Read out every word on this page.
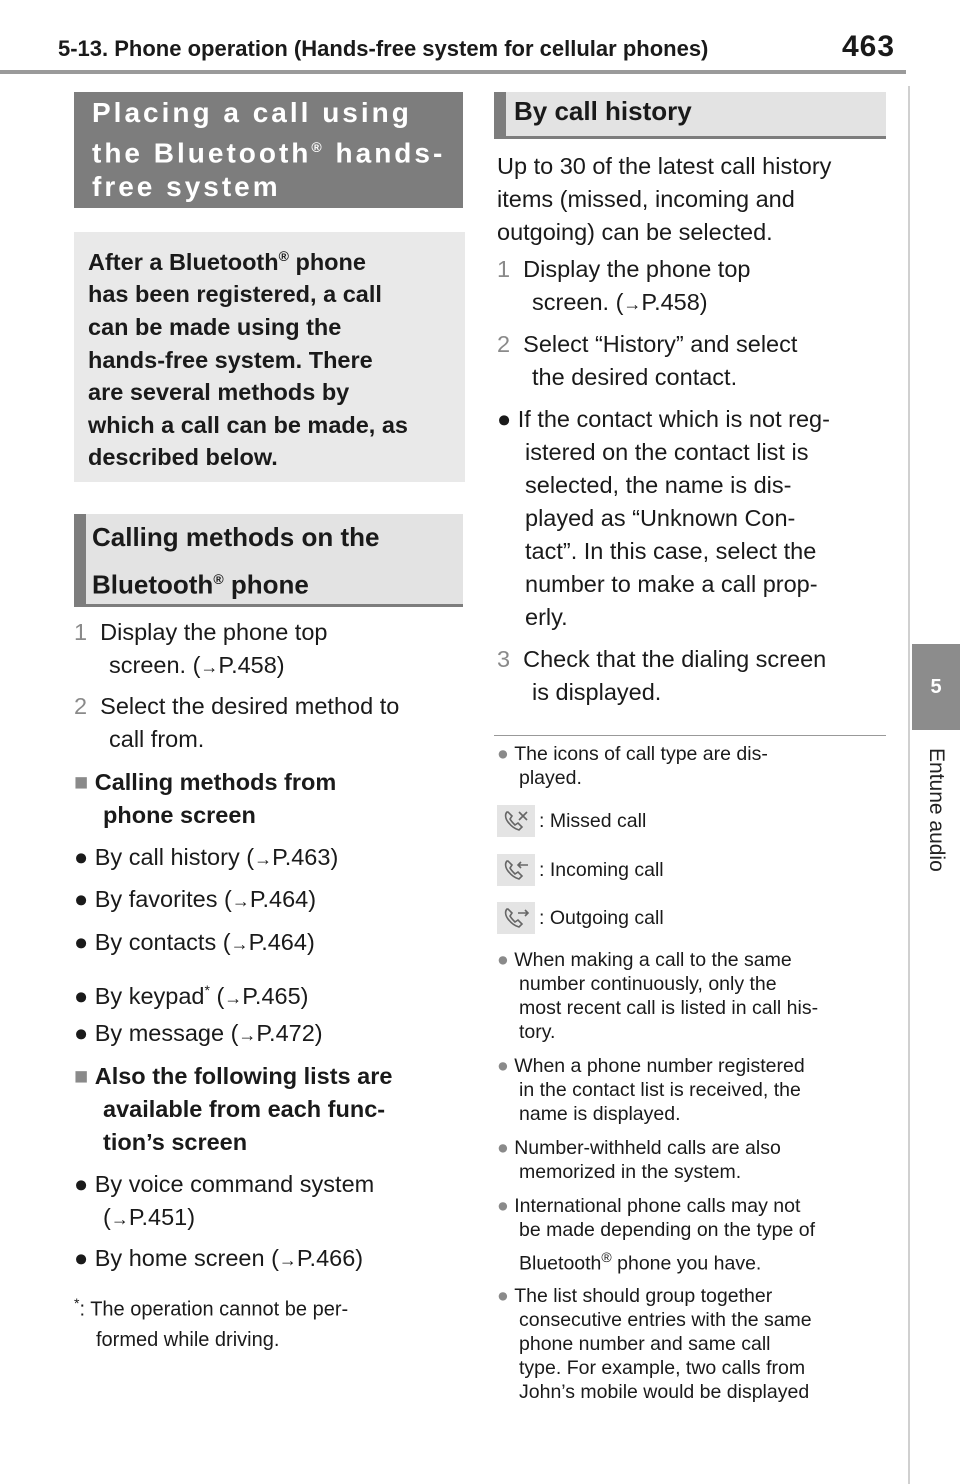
5-13. Phone operation (Hands-free system for cellular phones)	463
5
Entune audio
Placing a call using
the Bluetooth® hands-
free system
After a Bluetooth® phone
has been registered, a call
can be made using the
hands-free system. There
are several methods by
which a call can be made, as
described below.
Calling methods on the
Bluetooth® phone
1 Display the phone top
screen. (→P.458)
2 Select the desired method to
call from.
■ Calling methods from
phone screen
● By call history (→P.463)
● By favorites (→P.464)
● By contacts (→P.464)
● By keypad* (→P.465)
● By message (→P.472)
■ Also the following lists are
available from each func-
tion’s screen
● By voice command system
(→P.451)
● By home screen (→P.466)
*: The operation cannot be per-
formed while driving.
By call history
Up to 30 of the latest call history
items (missed, incoming and
outgoing) can be selected.
1 Display the phone top
screen. (→P.458)
2 Select “History” and select
the desired contact.
● If the contact which is not reg-
istered on the contact list is
selected, the name is dis-
played as “Unknown Con-
tact”. In this case, select the
number to make a call prop-
erly.
3 Check that the dialing screen
is displayed.
● The icons of call type are dis-
played.
: Missed call
: Incoming call
: Outgoing call
● When making a call to the same
number continuously, only the
most recent call is listed in call his-
tory.
● When a phone number registered
in the contact list is received, the
name is displayed.
● Number-withheld calls are also
memorized in the system.
● International phone calls may not
be made depending on the type of
Bluetooth® phone you have.
● The list should group together
consecutive entries with the same
phone number and same call
type. For example, two calls from
John’s mobile would be displayed
